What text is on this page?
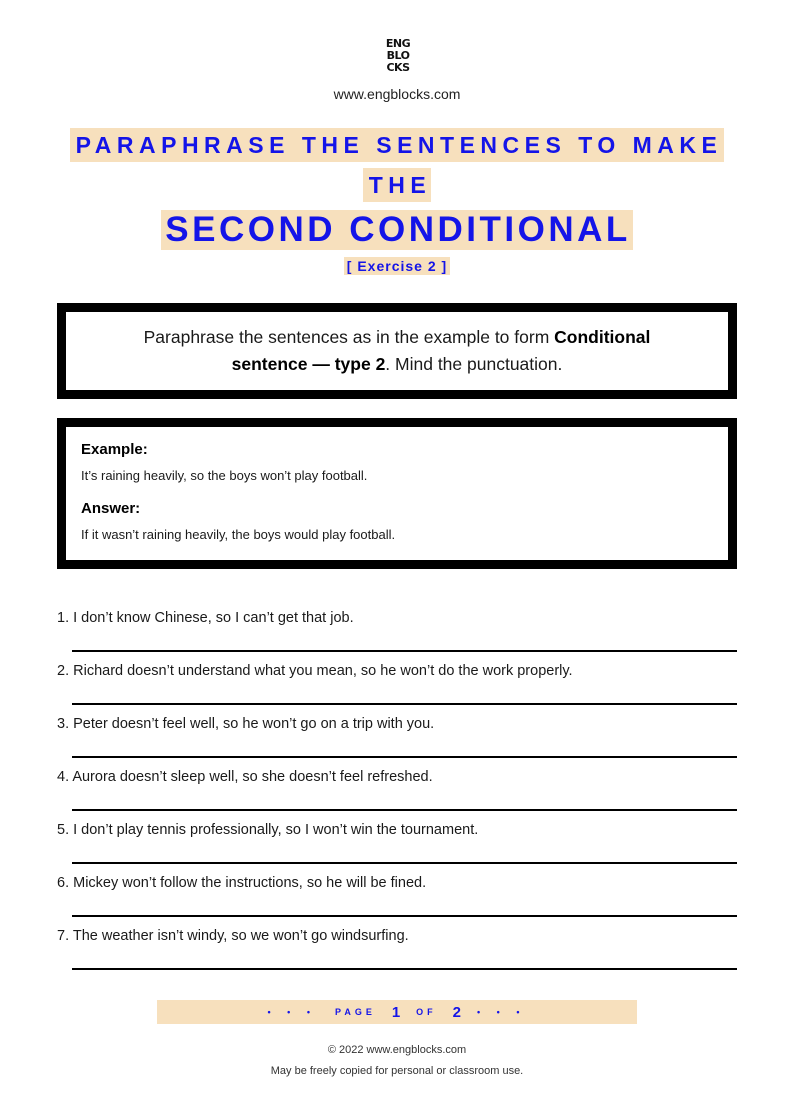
ENG
BLO
CKS
www.engblocks.com
PARAPHRASE THE SENTENCES TO MAKE
THE
SECOND CONDITIONAL
[ Exercise 2 ]
Paraphrase the sentences as in the example to form Conditional sentence — type 2. Mind the punctuation.
Example:
It’s raining heavily, so the boys won’t play football.
Answer:
If it wasn’t raining heavily, the boys would play football.
1. I don’t know Chinese, so I can’t get that job.
2. Richard doesn’t understand what you mean, so he won’t do the work properly.
3. Peter doesn’t feel well, so he won’t go on a trip with you.
4. Aurora doesn’t sleep well, so she doesn’t feel refreshed.
5. I don’t play tennis professionally, so I won’t win the tournament.
6. Mickey won’t follow the instructions, so he will be fined.
7. The weather isn’t windy, so we won’t go windsurfing.
• • • PAGE 1 OF 2 • • •
© 2022 www.engblocks.com
May be freely copied for personal or classroom use.
